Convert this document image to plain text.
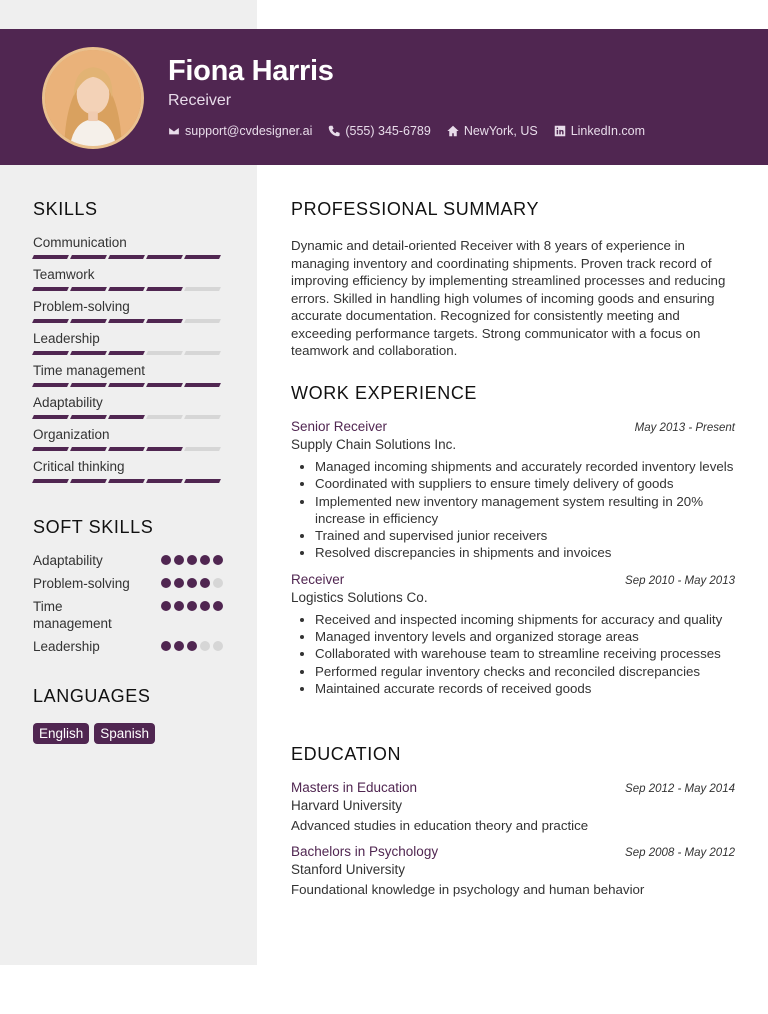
Fiona Harris
Receiver
support@cvdesigner.ai	(555) 345-6789	NewYork, US	LinkedIn.com
SKILLS
Communication
Teamwork
Problem-solving
Leadership
Time management
Adaptability
Organization
Critical thinking
SOFT SKILLS
Adaptability
Problem-solving
Time management
Leadership
LANGUAGES
English	Spanish
PROFESSIONAL SUMMARY
Dynamic and detail-oriented Receiver with 8 years of experience in managing inventory and coordinating shipments. Proven track record of improving efficiency by implementing streamlined processes and reducing errors. Skilled in handling high volumes of incoming goods and ensuring accurate documentation. Recognized for consistently meeting and exceeding performance targets. Strong communicator with a focus on teamwork and collaboration.
WORK EXPERIENCE
Senior Receiver	May 2013 - Present
Supply Chain Solutions Inc.
• Managed incoming shipments and accurately recorded inventory levels
• Coordinated with suppliers to ensure timely delivery of goods
• Implemented new inventory management system resulting in 20% increase in efficiency
• Trained and supervised junior receivers
• Resolved discrepancies in shipments and invoices
Receiver	Sep 2010 - May 2013
Logistics Solutions Co.
• Received and inspected incoming shipments for accuracy and quality
• Managed inventory levels and organized storage areas
• Collaborated with warehouse team to streamline receiving processes
• Performed regular inventory checks and reconciled discrepancies
• Maintained accurate records of received goods
EDUCATION
Masters in Education	Sep 2012 - May 2014
Harvard University
Advanced studies in education theory and practice
Bachelors in Psychology	Sep 2008 - May 2012
Stanford University
Foundational knowledge in psychology and human behavior
